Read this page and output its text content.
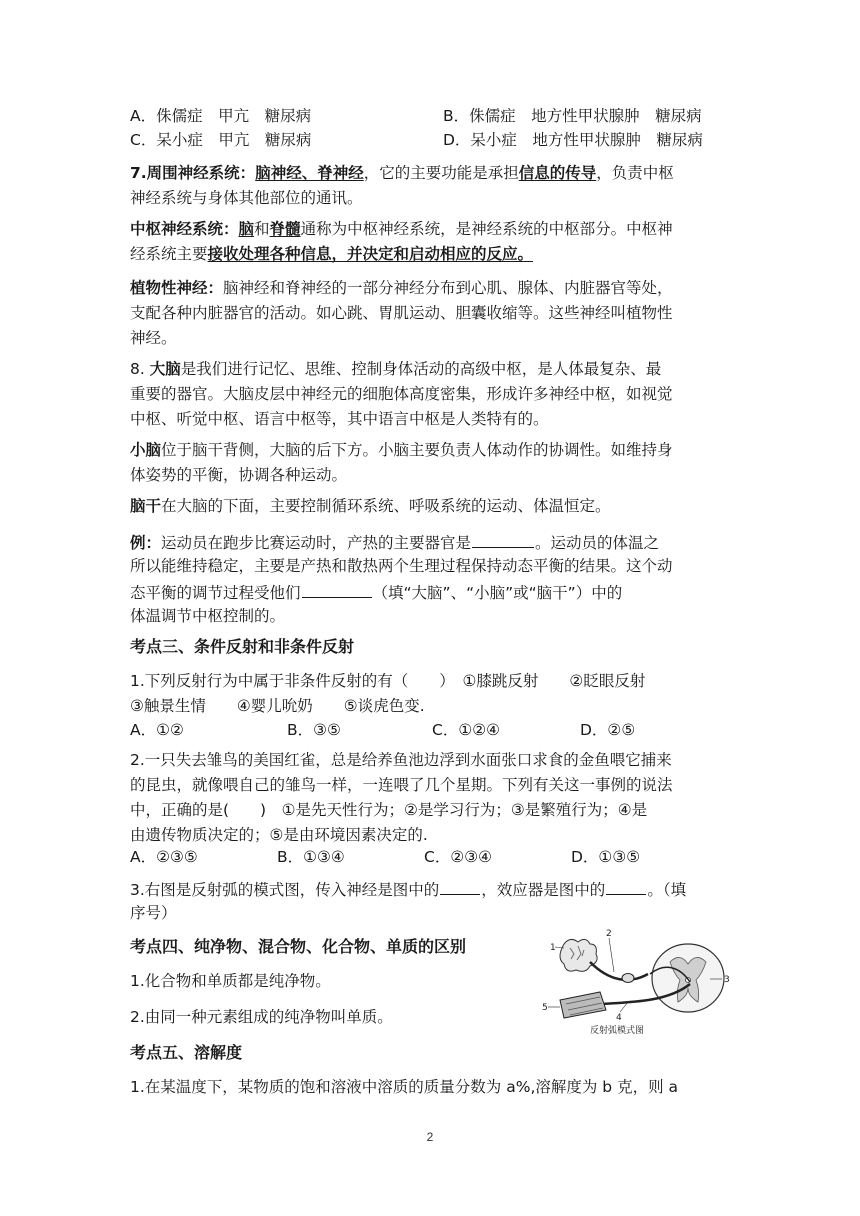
A．侏儒症　甲亢　糖尿病	B．侏儒症　地方性甲状腺肿　糖尿病
C．呆小症　甲亢　糖尿病	D．呆小症　地方性甲状腺肿　糖尿病
7.周围神经系统：脑神经、脊神经，它的主要功能是承担信息的传导，负责中枢
神经系统与身体其他部位的通讯。
中枢神经系统：脑和脊髓通称为中枢神经系统，是神经系统的中枢部分。中枢神
经系统主要接收处理各种信息，并决定和启动相应的反应。
植物性神经：脑神经和脊神经的一部分神经分布到心肌、腺体、内脏器官等处，
支配各种内脏器官的活动。如心跳、胃肌运动、胆囊收缩等。这些神经叫植物性
神经。
8. 大脑是我们进行记忆、思维、控制身体活动的高级中枢，是人体最复杂、最
重要的器官。大脑皮层中神经元的细胞体高度密集，形成许多神经中枢，如视觉
中枢、听觉中枢、语言中枢等，其中语言中枢是人类特有的。
小脑位于脑干背侧，大脑的后下方。小脑主要负责人体动作的协调性。如维持身
体姿势的平衡，协调各种运动。
脑干在大脑的下面，主要控制循环系统、呼吸系统的运动、体温恒定。
例：运动员在跑步比赛运动时，产热的主要器官是	。运动员的体温之
所以能维持稳定，主要是产热和散热两个生理过程保持动态平衡的结果。这个动
态平衡的调节过程受他们	（填“大脑”、“小脑”或“脑干”）中的
体温调节中枢控制的。
考点三、条件反射和非条件反射
1.下列反射行为中属于非条件反射的有（　　）　①膝跳反射　　②眨眼反射
③触景生情　　④婴儿吮奶　　⑤谈虎色变.
A．①②	B．③⑤	C．①②④	D．②⑤
2.一只失去雏鸟的美国红雀，总是给养鱼池边浮到水面张口求食的金鱼喂它捕来
的昆虫，就像喂自己的雏鸟一样，一连喂了几个星期。下列有关这一事例的说法
中，正确的是(　　)　①是先天性行为；②是学习行为；③是繁殖行为；④是
由遗传物质决定的；⑤是由环境因素决定的.
A．②③⑤	B．①③④	C．②③④	D．①③⑤
3.右图是反射弧的模式图，传入神经是图中的	，效应器是图中的	。（填
序号）
考点四、纯净物、混合物、化合物、单质的区别
1.化合物和单质都是纯净物。
2.由同一种元素组成的纯净物叫单质。
1
2
3
4
5
反射弧模式图
考点五、溶解度
1.在某温度下，某物质的饱和溶液中溶质的质量分数为 a%,溶解度为 b 克，则 a
2
